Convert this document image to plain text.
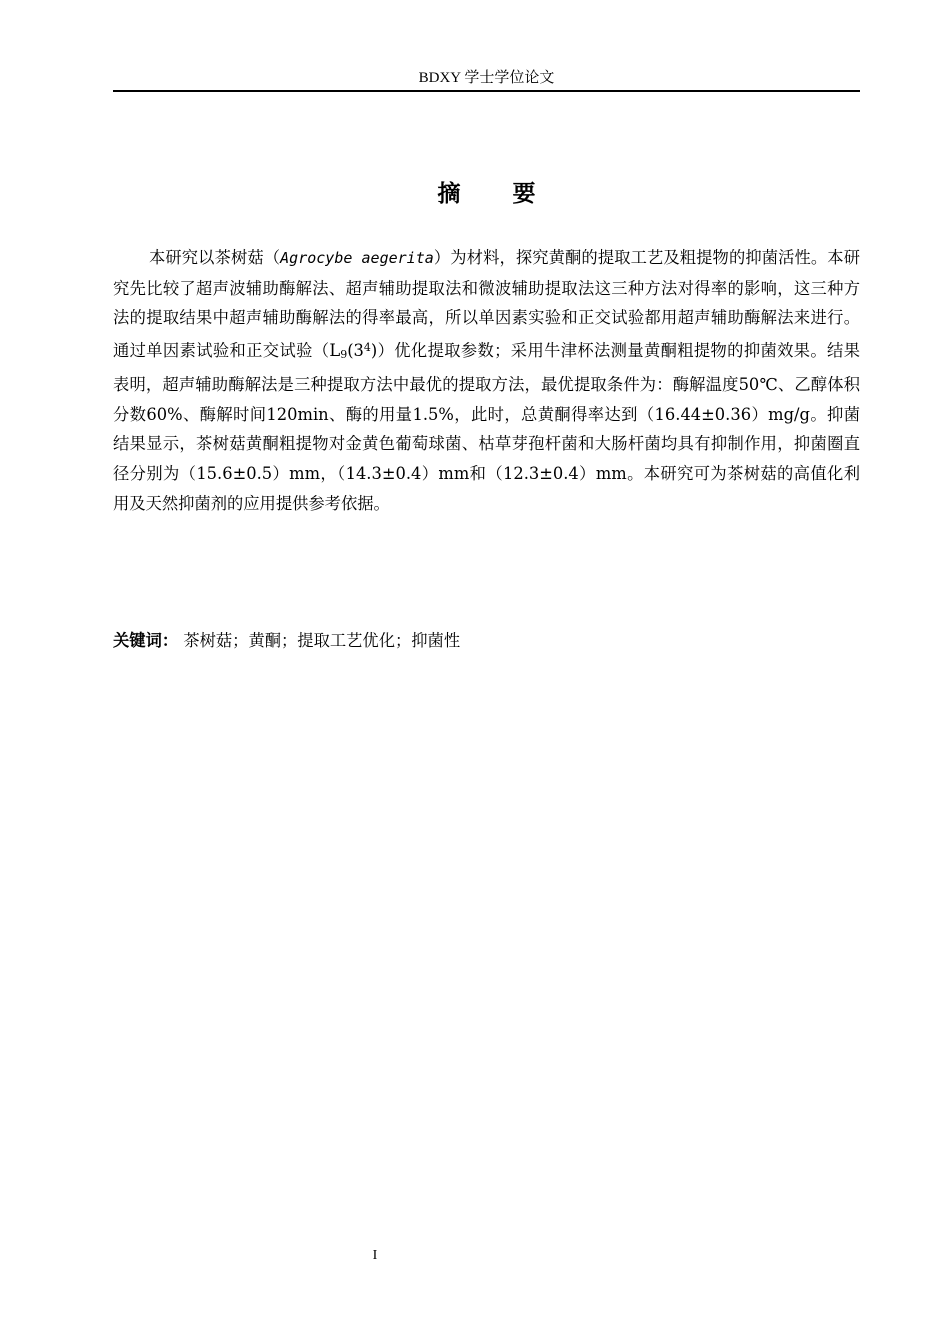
BDXY 学士学位论文
摘 要

本研究以茶树菇（Agrocybe aegerita）为材料，探究黄酮的提取工艺及粗提物的抑菌活性。本研究先比较了超声波辅助酶解法、超声辅助提取法和微波辅助提取法这三种方法对得率的影响，这三种方法的提取结果中超声辅助酶解法的得率最高，所以单因素实验和正交试验都用超声辅助酶解法来进行。通过单因素试验和正交试验$(L9(3^4))$优化提取参数；采用牛津杯法测量黄酮粗提物的抑菌效果。结果表明，超声辅助酶解法是三种提取方法中最优的提取方法，最优提取条件为：酶解温度50℃、乙醇体积分数60%、酶解时间120min、酶的用量1.5%，此时，总黄酮得率达到（16.44±0.36）mg/g。抑菌结果显示，茶树菇黄酮粗提物对金黄色葡萄球菌、枯草芽孢杆菌和大肠杆菌均具有抑制作用，抑菌圈直径分别为（15.6±0.5）mm，（14.3±0.4）mm和（12.3±0.4）mm。本研究可为茶树菇的高值化利用及天然抑菌剂的应用提供参考依据。

关键词： 茶树菇；黄酮；提取工艺优化；抑菌性
I
